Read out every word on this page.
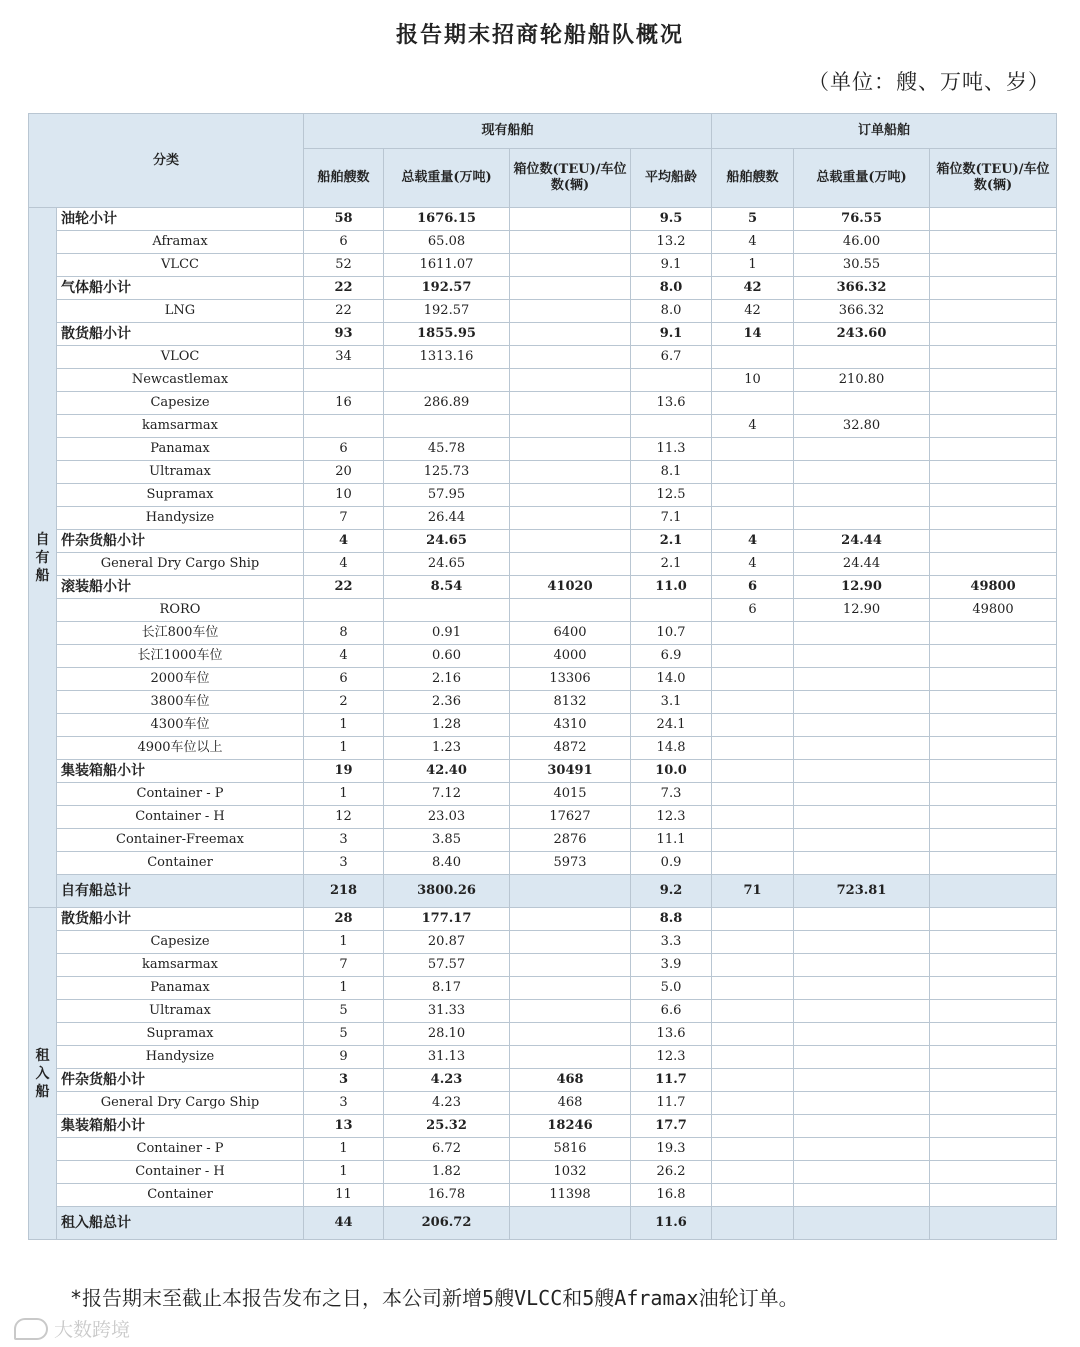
报告期末招商轮船船队概况
（单位：艘、万吨、岁）
分类		现有船舶				订单船舶		
		船舶艘数	总载重量(万吨)	箱位数(TEU)/车位数(辆)	平均船龄	船舶艘数	总载重量(万吨)	箱位数(TEU)/车位数(辆)
自有船	油轮小计	58	1676.15		9.5	5	76.55	
	Aframax	6	65.08		13.2	4	46.00	
	VLCC	52	1611.07		9.1	1	30.55	
	气体船小计	22	192.57		8.0	42	366.32	
	LNG	22	192.57		8.0	42	366.32	
	散货船小计	93	1855.95		9.1	14	243.60	
	VLOC	34	1313.16		6.7			
	Newcastlemax					10	210.80	
	Capesize	16	286.89		13.6			
	kamsarmax					4	32.80	
	Panamax	6	45.78		11.3			
	Ultramax	20	125.73		8.1			
	Supramax	10	57.95		12.5			
	Handysize	7	26.44		7.1			
	件杂货船小计	4	24.65		2.1	4	24.44	
	General Dry Cargo Ship	4	24.65		2.1	4	24.44	
	滚装船小计	22	8.54	41020	11.0	6	12.90	49800
	RORO					6	12.90	49800
	长江800车位	8	0.91	6400	10.7			
	长江1000车位	4	0.60	4000	6.9			
	2000车位	6	2.16	13306	14.0			
	3800车位	2	2.36	8132	3.1			
	4300车位	1	1.28	4310	24.1			
	4900车位以上	1	1.23	4872	14.8			
	集装箱船小计	19	42.40	30491	10.0			
	Container - P	1	7.12	4015	7.3			
	Container - H	12	23.03	17627	12.3			
	Container-Freemax	3	3.85	2876	11.1			
	Container	3	8.40	5973	0.9			
	自有船总计	218	3800.26		9.2	71	723.81	
租入船	散货船小计	28	177.17		8.8			
	Capesize	1	20.87		3.3			
	kamsarmax	7	57.57		3.9			
	Panamax	1	8.17		5.0			
	Ultramax	5	31.33		6.6			
	Supramax	5	28.10		13.6			
	Handysize	9	31.13		12.3			
	件杂货船小计	3	4.23	468	11.7			
	General Dry Cargo Ship	3	4.23	468	11.7			
	集装箱船小计	13	25.32	18246	17.7			
	Container - P	1	6.72	5816	19.3			
	Container - H	1	1.82	1032	26.2			
	Container	11	16.78	11398	16.8			
	租入船总计	44	206.72		11.6			
*报告期末至截止本报告发布之日，本公司新增5艘VLCC和5艘Aframax油轮订单。
大数跨境
